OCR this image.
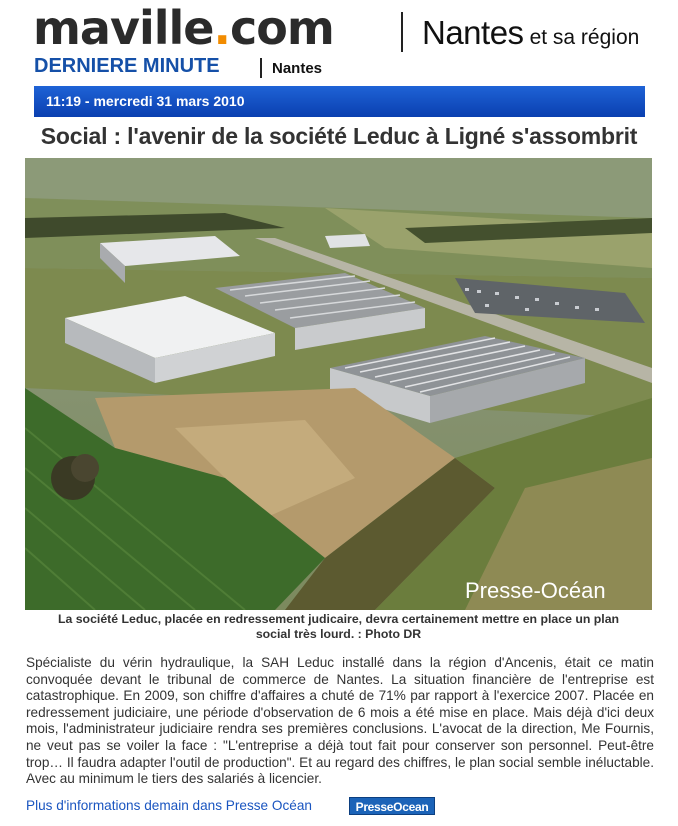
maville.com	Nantes et sa région
DERNIERE MINUTE	Nantes
11:19 - mercredi 31 mars 2010
Social : l'avenir de la société Leduc à Ligné s'assombrit
Presse-Océan
La société Leduc, placée en redressement judicaire, devra certainement mettre en place un plan
social très lourd. : Photo DR
Spécialiste du vérin hydraulique, la SAH Leduc installé dans la région d'Ancenis, était ce matin convoquée devant le tribunal de commerce de Nantes. La situation financière de l'entreprise est catastrophique. En 2009, son chiffre d'affaires a chuté de 71% par rapport à l'exercice 2007. Placée en redressement judiciaire, une période d'observation de 6 mois a été mise en place. Mais déjà d'ici deux mois, l'administrateur judiciaire rendra ses premières conclusions. L'avocat de la direction, Me Fournis, ne veut pas se voiler la face : "L'entreprise a déjà tout fait pour conserver son personnel. Peut-être trop… Il faudra adapter l'outil de production". Et au regard des chiffres, le plan social semble inéluctable. Avec au minimum le tiers des salariés à licencier.
Plus d'informations demain dans Presse Océan	PresseOcean
